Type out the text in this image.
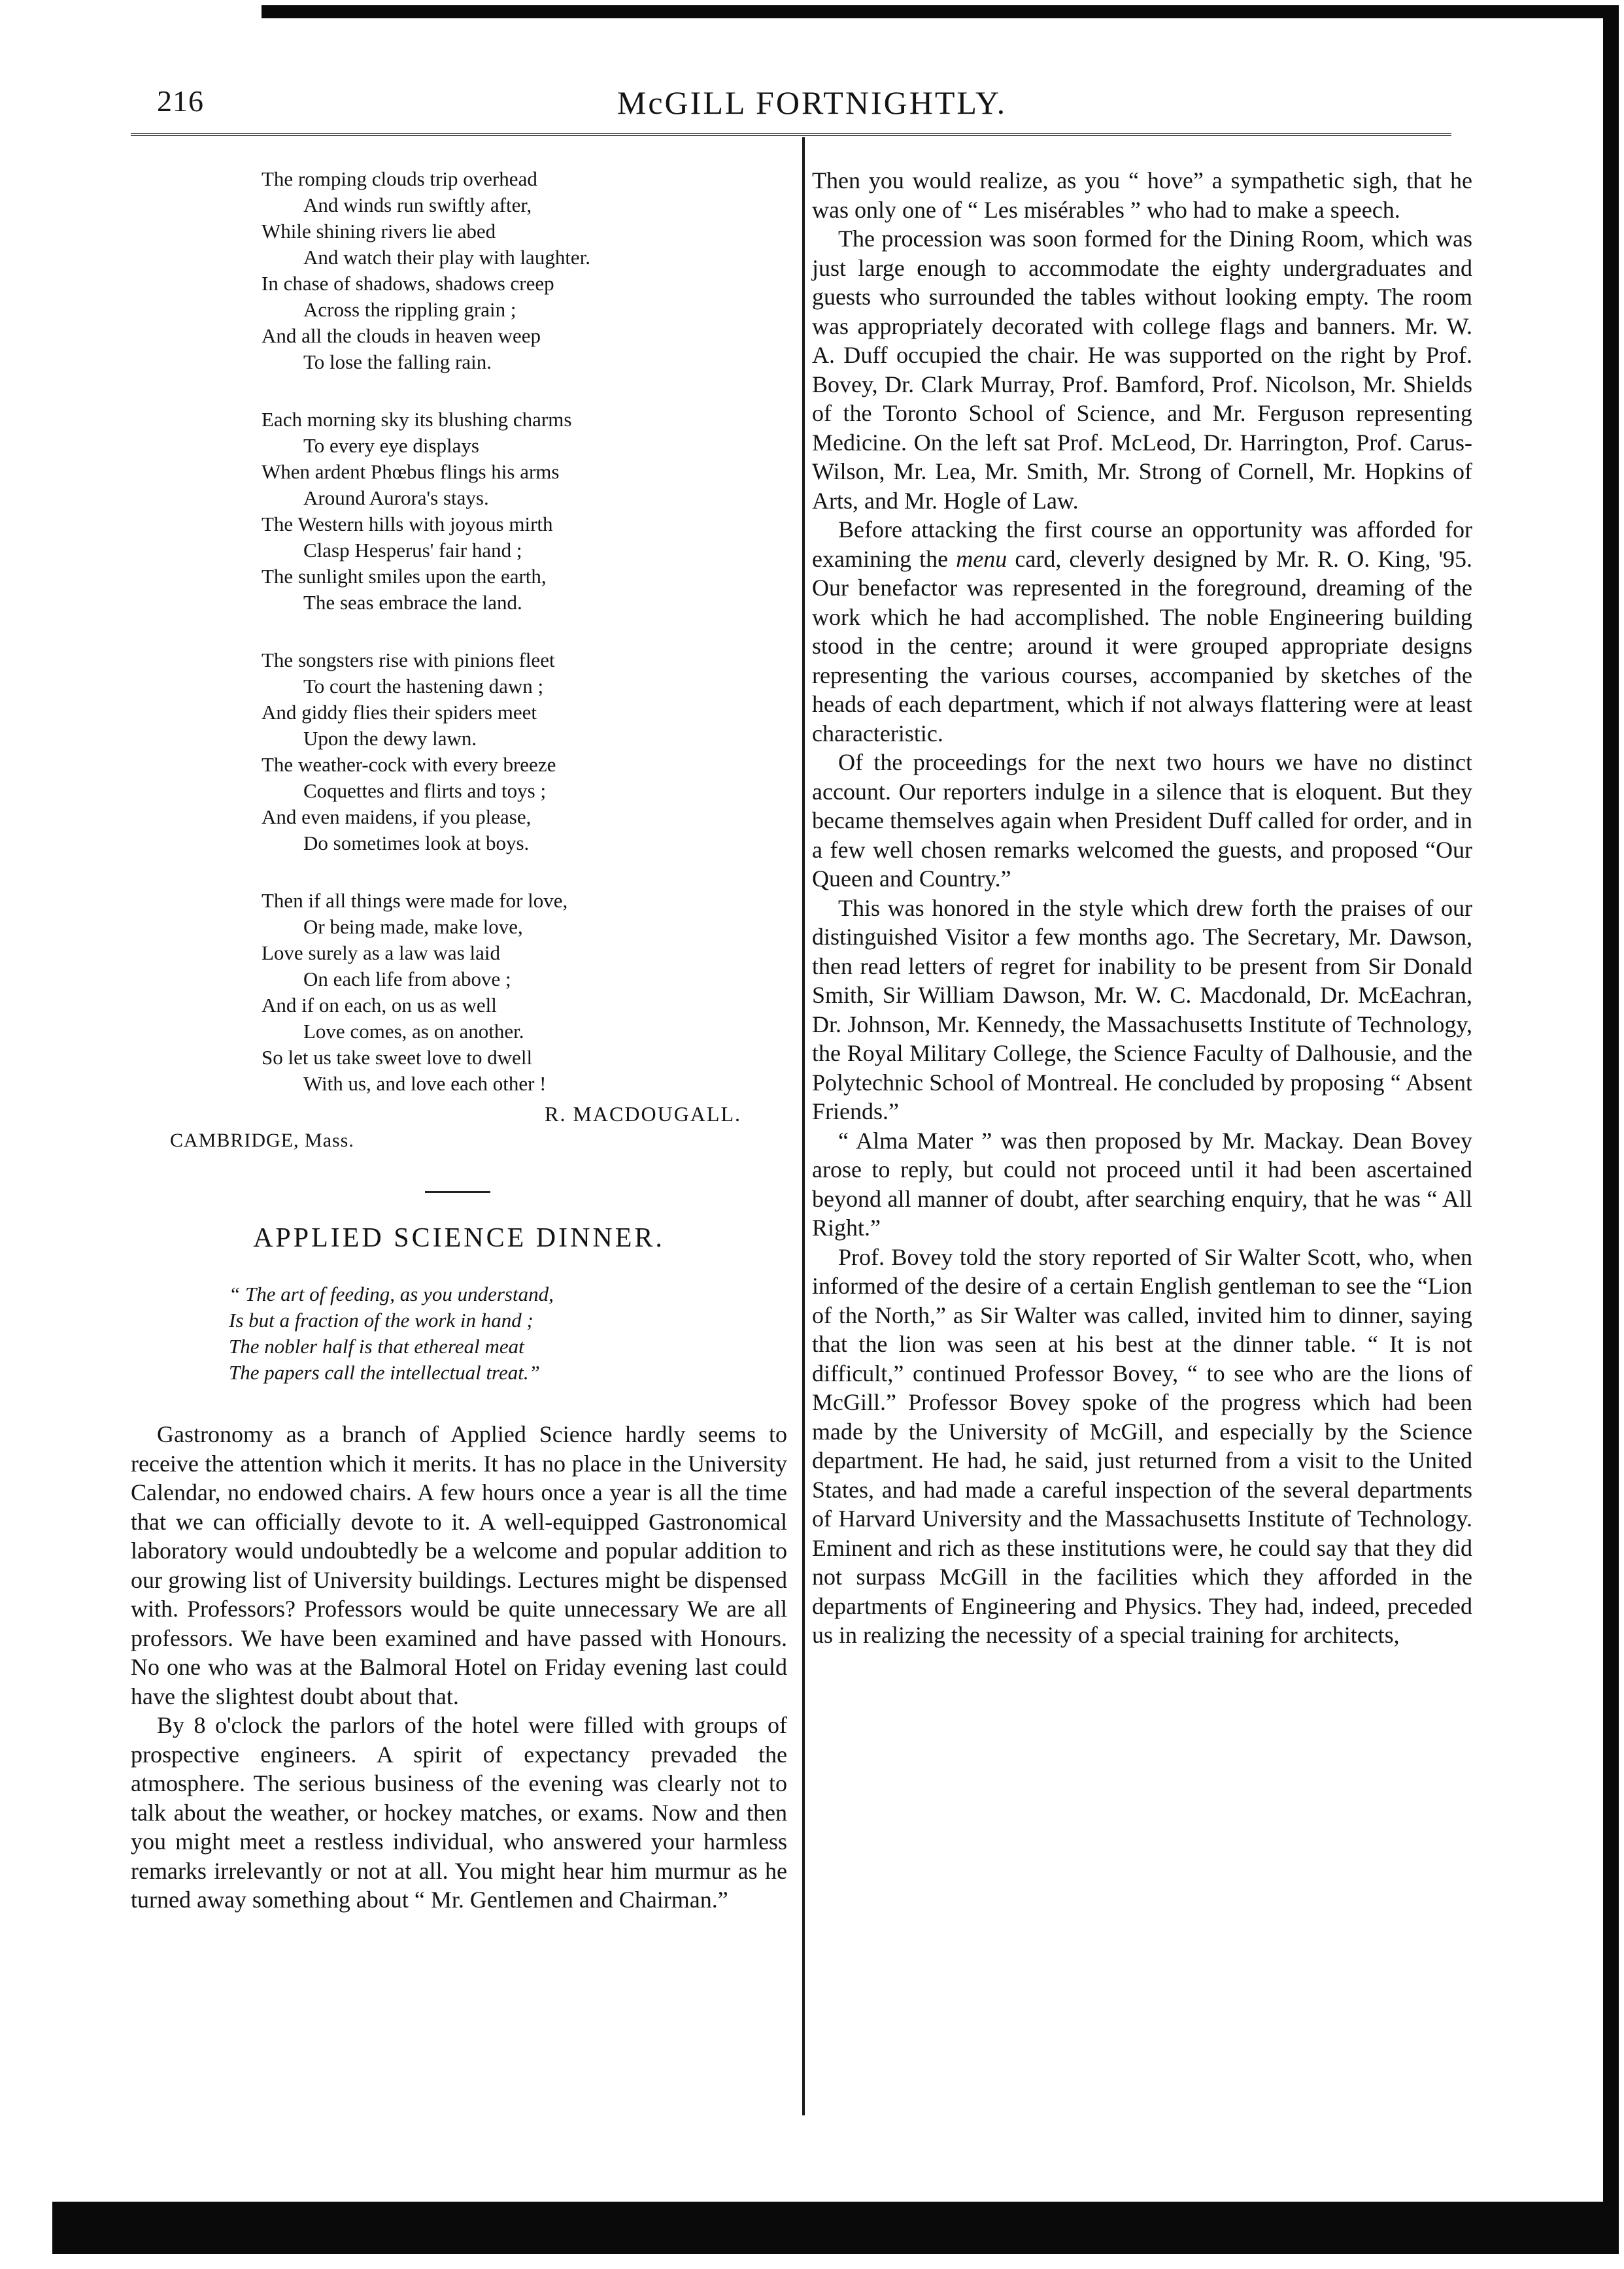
216	McGILL FORTNIGHTLY.
The romping clouds trip overhead
And winds run swiftly after,
While shining rivers lie abed
And watch their play with laughter.
In chase of shadows, shadows creep
Across the rippling grain ;
And all the clouds in heaven weep
To lose the falling rain.
Each morning sky its blushing charms
To every eye displays
When ardent Phœbus flings his arms
Around Aurora's stays.
The Western hills with joyous mirth
Clasp Hesperus' fair hand ;
The sunlight smiles upon the earth,
The seas embrace the land.
The songsters rise with pinions fleet
To court the hastening dawn ;
And giddy flies their spiders meet
Upon the dewy lawn.
The weather-cock with every breeze
Coquettes and flirts and toys ;
And even maidens, if you please,
Do sometimes look at boys.
Then if all things were made for love,
Or being made, make love,
Love surely as a law was laid
On each life from above ;
And if on each, on us as well
Love comes, as on another.
So let us take sweet love to dwell
With us, and love each other !
R. MACDOUGALL.
CAMBRIDGE, Mass.
APPLIED SCIENCE DINNER.
“ The art of feeding, as you understand,
Is but a fraction of the work in hand ;
The nobler half is that ethereal meat
The papers call the intellectual treat.”

Gastronomy as a branch of Applied Science hardly seems to receive the attention which it merits. It has no place in the University Calendar, no endowed chairs. A few hours once a year is all the time that we can officially devote to it. A well-equipped Gastronomical laboratory would undoubtedly be a welcome and popular addition to our growing list of University buildings. Lectures might be dispensed with. Professors? Professors would be quite unnecessary We are all professors. We have been examined and have passed with Honours. No one who was at the Balmoral Hotel on Friday evening last could have the slightest doubt about that.

By 8 o'clock the parlors of the hotel were filled with groups of prospective engineers. A spirit of expectancy prevaded the atmosphere. The serious business of the evening was clearly not to talk about the weather, or hockey matches, or exams. Now and then you might meet a restless individual, who answered your harmless remarks irrelevantly or not at all. You might hear him murmur as he turned away something about “ Mr. Gentlemen and Chairman.”

Then you would realize, as you “ hove” a sympathetic sigh, that he was only one of “ Les misérables ” who had to make a speech.

The procession was soon formed for the Dining Room, which was just large enough to accommodate the eighty undergraduates and guests who surrounded the tables without looking empty. The room was appropriately decorated with college flags and banners. Mr. W. A. Duff occupied the chair. He was supported on the right by Prof. Bovey, Dr. Clark Murray, Prof. Bamford, Prof. Nicolson, Mr. Shields of the Toronto School of Science, and Mr. Ferguson representing Medicine. On the left sat Prof. McLeod, Dr. Harrington, Prof. Carus-Wilson, Mr. Lea, Mr. Smith, Mr. Strong of Cornell, Mr. Hopkins of Arts, and Mr. Hogle of Law.

Before attacking the first course an opportunity was afforded for examining the menu card, cleverly designed by Mr. R. O. King, '95. Our benefactor was represented in the foreground, dreaming of the work which he had accomplished. The noble Engineering building stood in the centre; around it were grouped appropriate designs representing the various courses, accompanied by sketches of the heads of each department, which if not always flattering were at least characteristic.

Of the proceedings for the next two hours we have no distinct account. Our reporters indulge in a silence that is eloquent. But they became themselves again when President Duff called for order, and in a few well chosen remarks welcomed the guests, and proposed “Our Queen and Country.”

This was honored in the style which drew forth the praises of our distinguished Visitor a few months ago. The Secretary, Mr. Dawson, then read letters of regret for inability to be present from Sir Donald Smith, Sir William Dawson, Mr. W. C. Macdonald, Dr. McEachran, Dr. Johnson, Mr. Kennedy, the Massachusetts Institute of Technology, the Royal Military College, the Science Faculty of Dalhousie, and the Polytechnic School of Montreal. He concluded by proposing “ Absent Friends.”

“ Alma Mater ” was then proposed by Mr. Mackay. Dean Bovey arose to reply, but could not proceed until it had been ascertained beyond all manner of doubt, after searching enquiry, that he was “ All Right.”

Prof. Bovey told the story reported of Sir Walter Scott, who, when informed of the desire of a certain English gentleman to see the “Lion of the North,” as Sir Walter was called, invited him to dinner, saying that the lion was seen at his best at the dinner table. “ It is not difficult,” continued Professor Bovey, “ to see who are the lions of McGill.” Professor Bovey spoke of the progress which had been made by the University of McGill, and especially by the Science department. He had, he said, just returned from a visit to the United States, and had made a careful inspection of the several departments of Harvard University and the Massachusetts Institute of Technology. Eminent and rich as these institutions were, he could say that they did not surpass McGill in the facilities which they afforded in the departments of Engineering and Physics. They had, indeed, preceded us in realizing the necessity of a special training for architects,
